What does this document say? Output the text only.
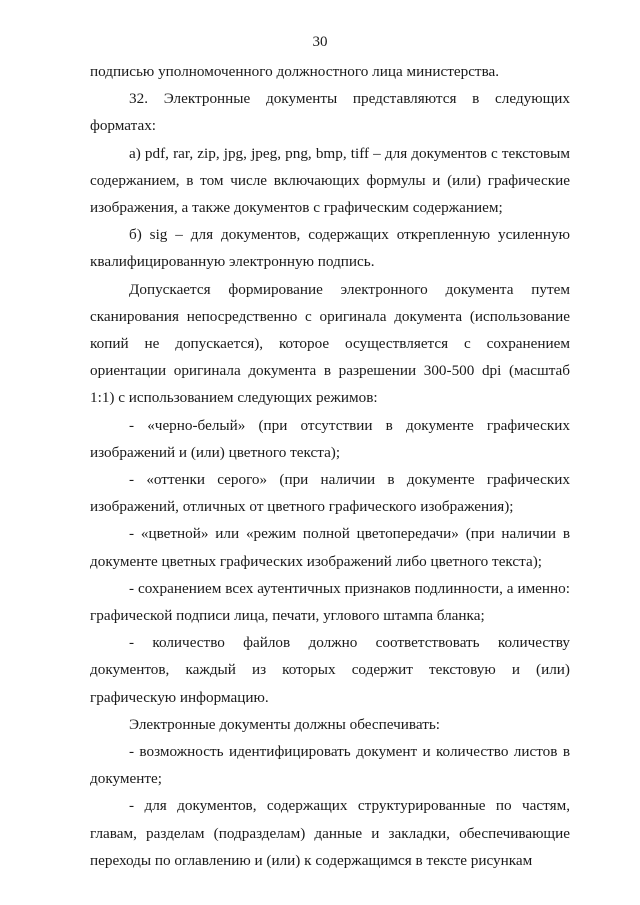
30

подписью уполномоченного должностного лица министерства.

32. Электронные документы представляются в следующих форматах:

а) pdf, rar, zip, jpg, jpeg, png, bmp, tiff – для документов с текстовым содержанием, в том числе включающих формулы и (или) графические изображения, а также документов с графическим содержанием;

б) sig – для документов, содержащих открепленную усиленную квалифицированную электронную подпись.

Допускается формирование электронного документа путем сканирования непосредственно с оригинала документа (использование копий не допускается), которое осуществляется с сохранением ориентации оригинала документа в разрешении 300-500 dpi (масштаб 1:1) с использованием следующих режимов:

- «черно-белый» (при отсутствии в документе графических изображений и (или) цветного текста);

- «оттенки серого» (при наличии в документе графических изображений, отличных от цветного графического изображения);

- «цветной» или «режим полной цветопередачи» (при наличии в документе цветных графических изображений либо цветного текста);

- сохранением всех аутентичных признаков подлинности, а именно: графической подписи лица, печати, углового штампа бланка;

- количество файлов должно соответствовать количеству документов, каждый из которых содержит текстовую и (или) графическую информацию.

Электронные документы должны обеспечивать:

- возможность идентифицировать документ и количество листов в документе;

- для документов, содержащих структурированные по частям, главам, разделам (подразделам) данные и закладки, обеспечивающие переходы по оглавлению и (или) к содержащимся в тексте рисункам
